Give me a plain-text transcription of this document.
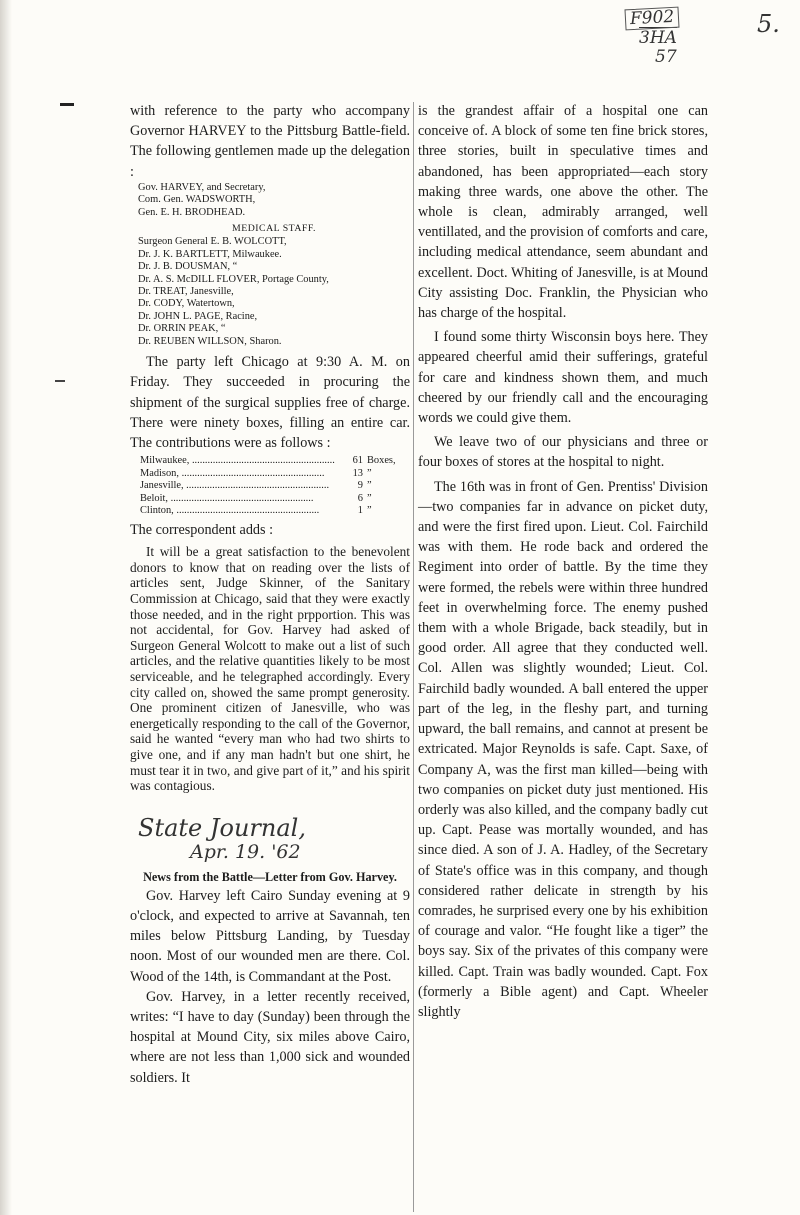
F902
3HA
57
5.

with reference to the party who accompany Governor HARVEY to the Pittsburg Battle-field. The following gentlemen made up the delegation :

Gov. HARVEY, and Secretary,
Com. Gen. WADSWORTH,
Gen. E. H. BRODHEAD.
MEDICAL STAFF.
Surgeon General E. B. WOLCOTT,
Dr. J. K. BARTLETT, Milwaukee.
Dr. J. B. DOUSMAN, “
Dr. A. S. McDILL FLOVER, Portage County,
Dr. TREAT, Janesville,
Dr. CODY, Watertown,
Dr. JOHN L. PAGE, Racine,
Dr. ORRIN PEAK, “
Dr. REUBEN WILLSON, Sharon.

The party left Chicago at 9:30 A. M. on Friday. They succeeded in procuring the shipment of the surgical supplies free of charge. There were ninety boxes, filling an entire car. The contributions were as follows :

Milwaukee, .....	61 Boxes,
Madison, .....	13 ”
Janesville, .....	9 ”
Beloit, .....	6 ”
Clinton, .....	1 ”

The correspondent adds :

It will be a great satisfaction to the benevolent donors to know that on reading over the lists of articles sent, Judge Skinner, of the Sanitary Commission at Chicago, said that they were exactly those needed, and in the right prpportion. This was not accidental, for Gov. Harvey had asked of Surgeon General Wolcott to make out a list of such articles, and the relative quantities likely to be most serviceable, and he telegraphed accordingly. Every city called on, showed the same prompt generosity. One prominent citizen of Janesville, who was energetically responding to the call of the Governor, said he wanted “every man who had two shirts to give one, and if any man hadn't but one shirt, he must tear it in two, and give part of it,” and his spirit was contagious.

State Journal,
Apr. 19. '62
News from the Battle—Letter from Gov. Harvey.

Gov. Harvey left Cairo Sunday evening at 9 o'clock, and expected to arrive at Savannah, ten miles below Pittsburg Landing, by Tuesday noon. Most of our wounded men are there. Col. Wood of the 14th, is Commandant at the Post.

Gov. Harvey, in a letter recently received, writes: “I have to day (Sunday) been through the hospital at Mound City, six miles above Cairo, where are not less than 1,000 sick and wounded soldiers. It

is the grandest affair of a hospital one can conceive of. A block of some ten fine brick stores, three stories, built in speculative times and abandoned, has been appropriated—each story making three wards, one above the other. The whole is clean, admirably arranged, well ventillated, and the provision of comforts and care, including medical attendance, seem abundant and excellent. Doct. Whiting of Janesville, is at Mound City assisting Doc. Franklin, the Physician who has charge of the hospital.

I found some thirty Wisconsin boys here. They appeared cheerful amid their sufferings, grateful for care and kindness shown them, and much cheered by our friendly call and the encouraging words we could give them.

We leave two of our physicians and three or four boxes of stores at the hospital to night.

The 16th was in front of Gen. Prentiss' Division—two companies far in advance on picket duty, and were the first fired upon. Lieut. Col. Fairchild was with them. He rode back and ordered the Regiment into order of battle. By the time they were formed, the rebels were within three hundred feet in overwhelming force. The enemy pushed them with a whole Brigade, back steadily, but in good order. All agree that they conducted well. Col. Allen was slightly wounded; Lieut. Col. Fairchild badly wounded. A ball entered the upper part of the leg, in the fleshy part, and turning upward, the ball remains, and cannot at present be extricated. Major Reynolds is safe. Capt. Saxe, of Company A, was the first man killed—being with two companies on picket duty just mentioned. His orderly was also killed, and the company badly cut up. Capt. Pease was mortally wounded, and has since died. A son of J. A. Hadley, of the Secretary of State's office was in this company, and though considered rather delicate in strength by his comrades, he surprised every one by his exhibition of courage and valor. “He fought like a tiger” the boys say. Six of the privates of this company were killed. Capt. Train was badly wounded. Capt. Fox (formerly a Bible agent) and Capt. Wheeler slightly
